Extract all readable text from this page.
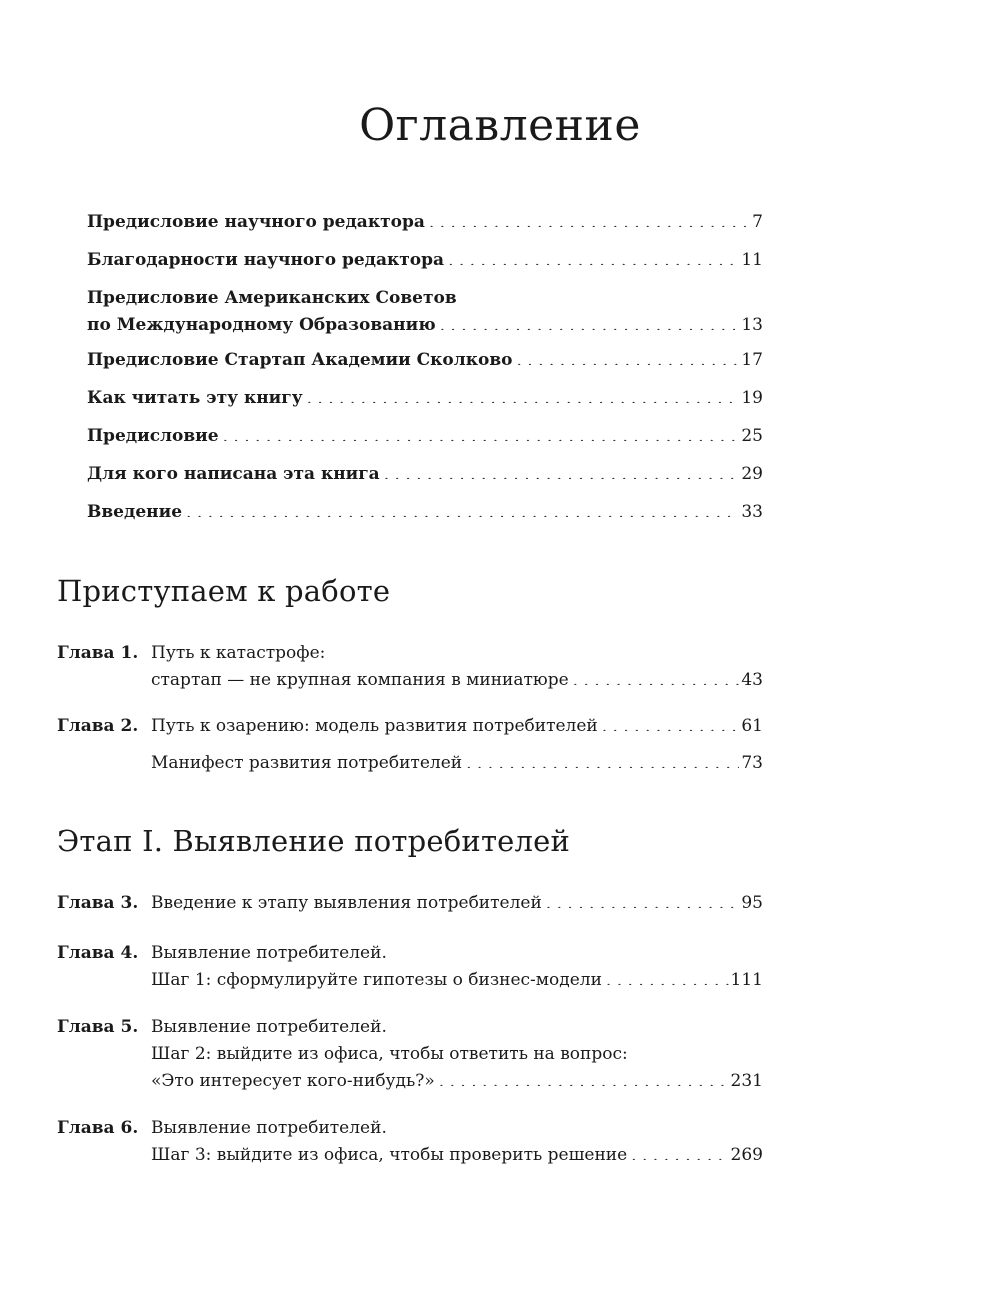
Оглавление
Предисловие научного редактора . . .	7
Благодарности научного редактора . . .	11
Предисловие Американских Советов
по Международному Образованию . . .	13
Предисловие Стартап Академии Сколково . . .	17
Как читать эту книгу . . .	19
Предисловие . . .	25
Для кого написана эта книга . . .	29
Введение . . .	33
Приступаем к работе
Глава 1. Путь к катастрофе:
стартап — не крупная компания в миниатюре . . .	43
Глава 2. Путь к озарению: модель развития потребителей . . .	61
Манифест развития потребителей . . .	73
Этап I. Выявление потребителей
Глава 3. Введение к этапу выявления потребителей . . .	95
Глава 4. Выявление потребителей.
Шаг 1: сформулируйте гипотезы о бизнес-модели . . .	111
Глава 5. Выявление потребителей.
Шаг 2: выйдите из офиса, чтобы ответить на вопрос:
«Это интересует кого-нибудь?» . . .	231
Глава 6. Выявление потребителей.
Шаг 3: выйдите из офиса, чтобы проверить решение . . .	269
